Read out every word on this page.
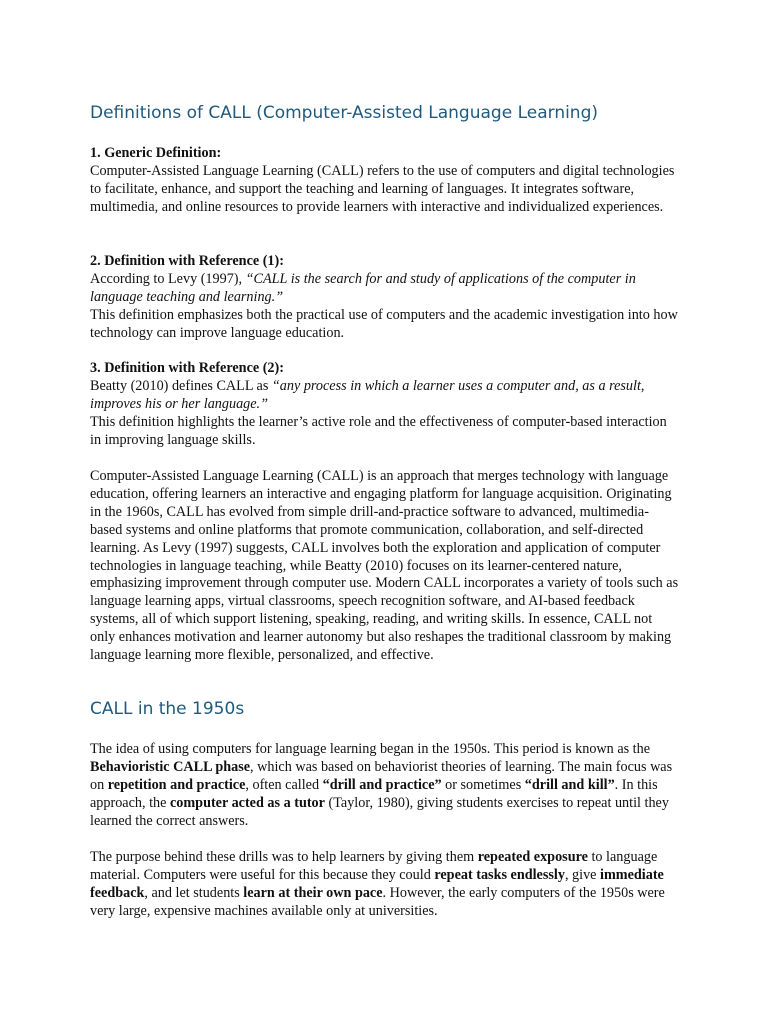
Definitions of CALL (Computer-Assisted Language Learning)
1. Generic Definition:
Computer-Assisted Language Learning (CALL) refers to the use of computers and digital technologies to facilitate, enhance, and support the teaching and learning of languages. It integrates software, multimedia, and online resources to provide learners with interactive and individualized experiences.
2. Definition with Reference (1):
According to Levy (1997), “CALL is the search for and study of applications of the computer in language teaching and learning.”
This definition emphasizes both the practical use of computers and the academic investigation into how technology can improve language education.
3. Definition with Reference (2):
Beatty (2010) defines CALL as “any process in which a learner uses a computer and, as a result, improves his or her language.”
This definition highlights the learner’s active role and the effectiveness of computer-based interaction in improving language skills.
Computer-Assisted Language Learning (CALL) is an approach that merges technology with language education, offering learners an interactive and engaging platform for language acquisition. Originating in the 1960s, CALL has evolved from simple drill-and-practice software to advanced, multimedia-based systems and online platforms that promote communication, collaboration, and self-directed learning. As Levy (1997) suggests, CALL involves both the exploration and application of computer technologies in language teaching, while Beatty (2010) focuses on its learner-centered nature, emphasizing improvement through computer use. Modern CALL incorporates a variety of tools such as language learning apps, virtual classrooms, speech recognition software, and AI-based feedback systems, all of which support listening, speaking, reading, and writing skills. In essence, CALL not only enhances motivation and learner autonomy but also reshapes the traditional classroom by making language learning more flexible, personalized, and effective.
CALL in the 1950s
The idea of using computers for language learning began in the 1950s. This period is known as the Behavioristic CALL phase, which was based on behaviorist theories of learning. The main focus was on repetition and practice, often called “drill and practice” or sometimes “drill and kill”. In this approach, the computer acted as a tutor (Taylor, 1980), giving students exercises to repeat until they learned the correct answers.
The purpose behind these drills was to help learners by giving them repeated exposure to language material. Computers were useful for this because they could repeat tasks endlessly, give immediate feedback, and let students learn at their own pace. However, the early computers of the 1950s were very large, expensive machines available only at universities.
